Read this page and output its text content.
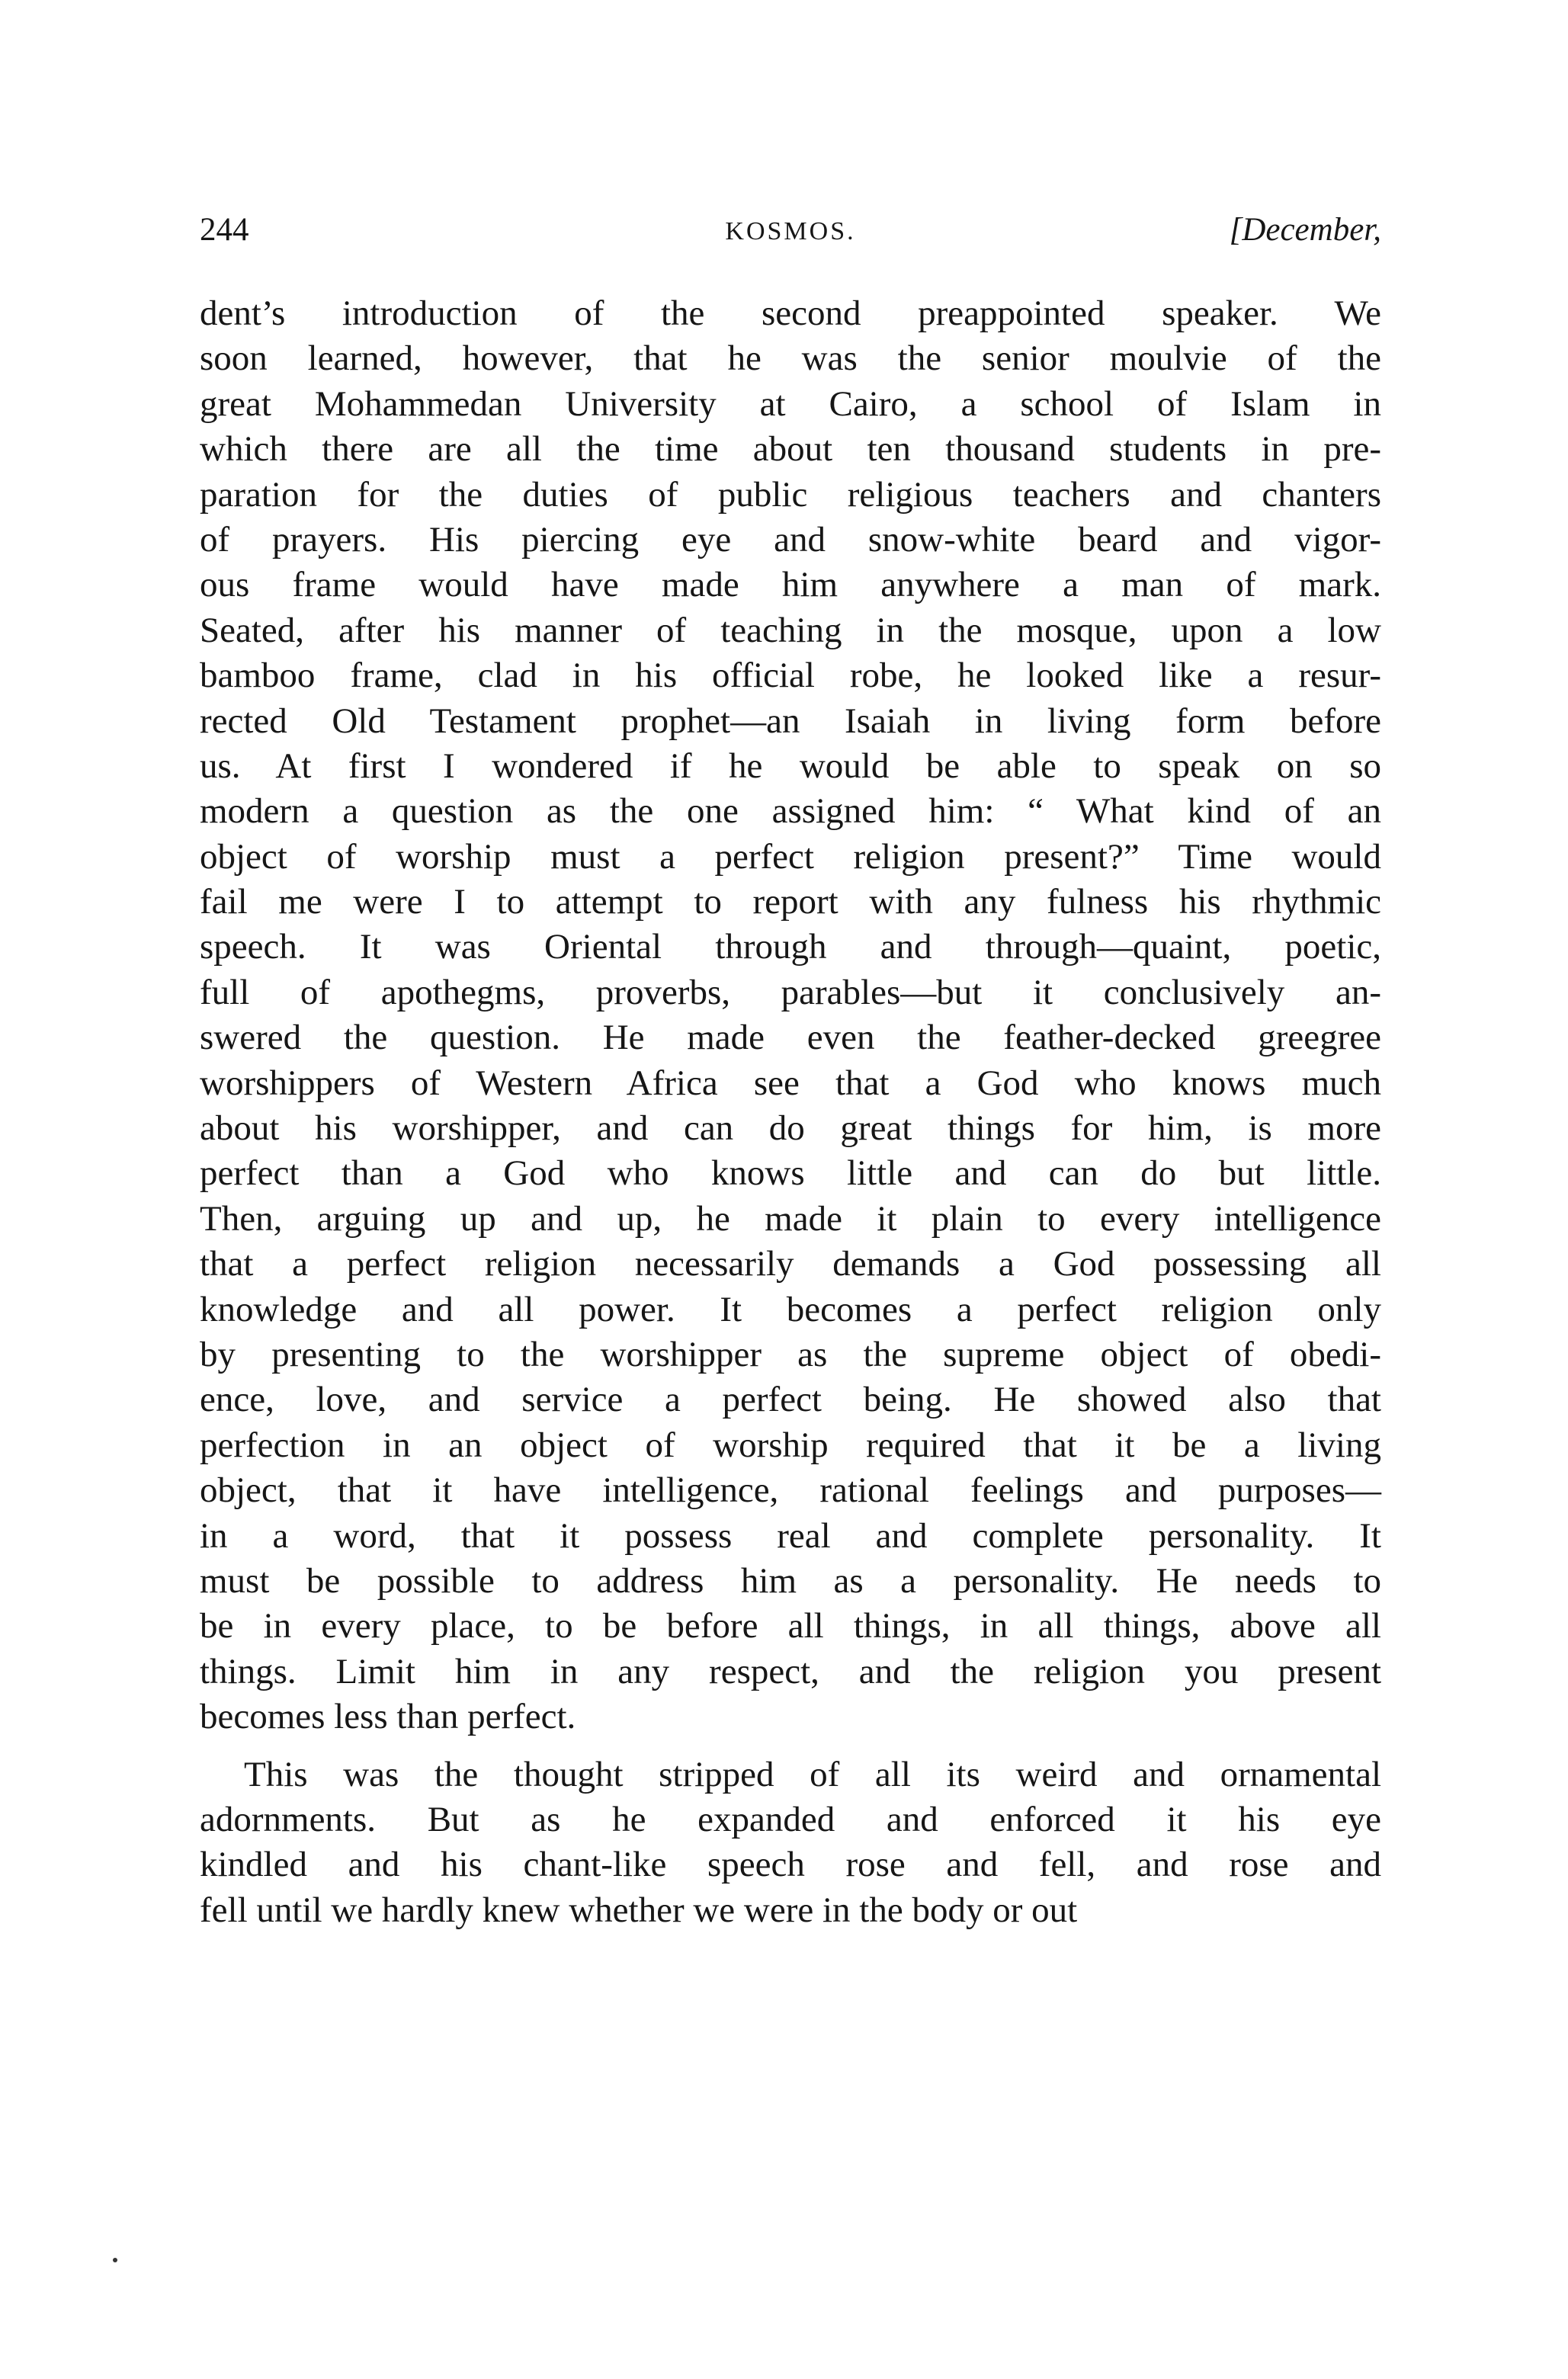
244	KOSMOS.	[December,
dent’s introduction of the second preappointed speaker. We
soon learned, however, that he was the senior moulvie of the
great Mohammedan University at Cairo, a school of Islam in
which there are all the time about ten thousand students in pre-
paration for the duties of public religious teachers and chanters
of prayers. His piercing eye and snow-white beard and vigor-
ous frame would have made him anywhere a man of mark.
Seated, after his manner of teaching in the mosque, upon a low
bamboo frame, clad in his official robe, he looked like a resur-
rected Old Testament prophet—an Isaiah in living form before
us. At first I wondered if he would be able to speak on so
modern a question as the one assigned him: “ What kind of an
object of worship must a perfect religion present?” Time would
fail me were I to attempt to report with any fulness his rhythmic
speech. It was Oriental through and through—quaint, poetic,
full of apothegms, proverbs, parables—but it conclusively an-
swered the question. He made even the feather-decked greegree
worshippers of Western Africa see that a God who knows much
about his worshipper, and can do great things for him, is more
perfect than a God who knows little and can do but little.
Then, arguing up and up, he made it plain to every intelligence
that a perfect religion necessarily demands a God possessing all
knowledge and all power. It becomes a perfect religion only
by presenting to the worshipper as the supreme object of obedi-
ence, love, and service a perfect being. He showed also that
perfection in an object of worship required that it be a living
object, that it have intelligence, rational feelings and purposes—
in a word, that it possess real and complete personality. It
must be possible to address him as a personality. He needs to
be in every place, to be before all things, in all things, above all
things. Limit him in any respect, and the religion you present
becomes less than perfect.
This was the thought stripped of all its weird and ornamental
adornments. But as he expanded and enforced it his eye
kindled and his chant-like speech rose and fell, and rose and
fell until we hardly knew whether we were in the body or out
